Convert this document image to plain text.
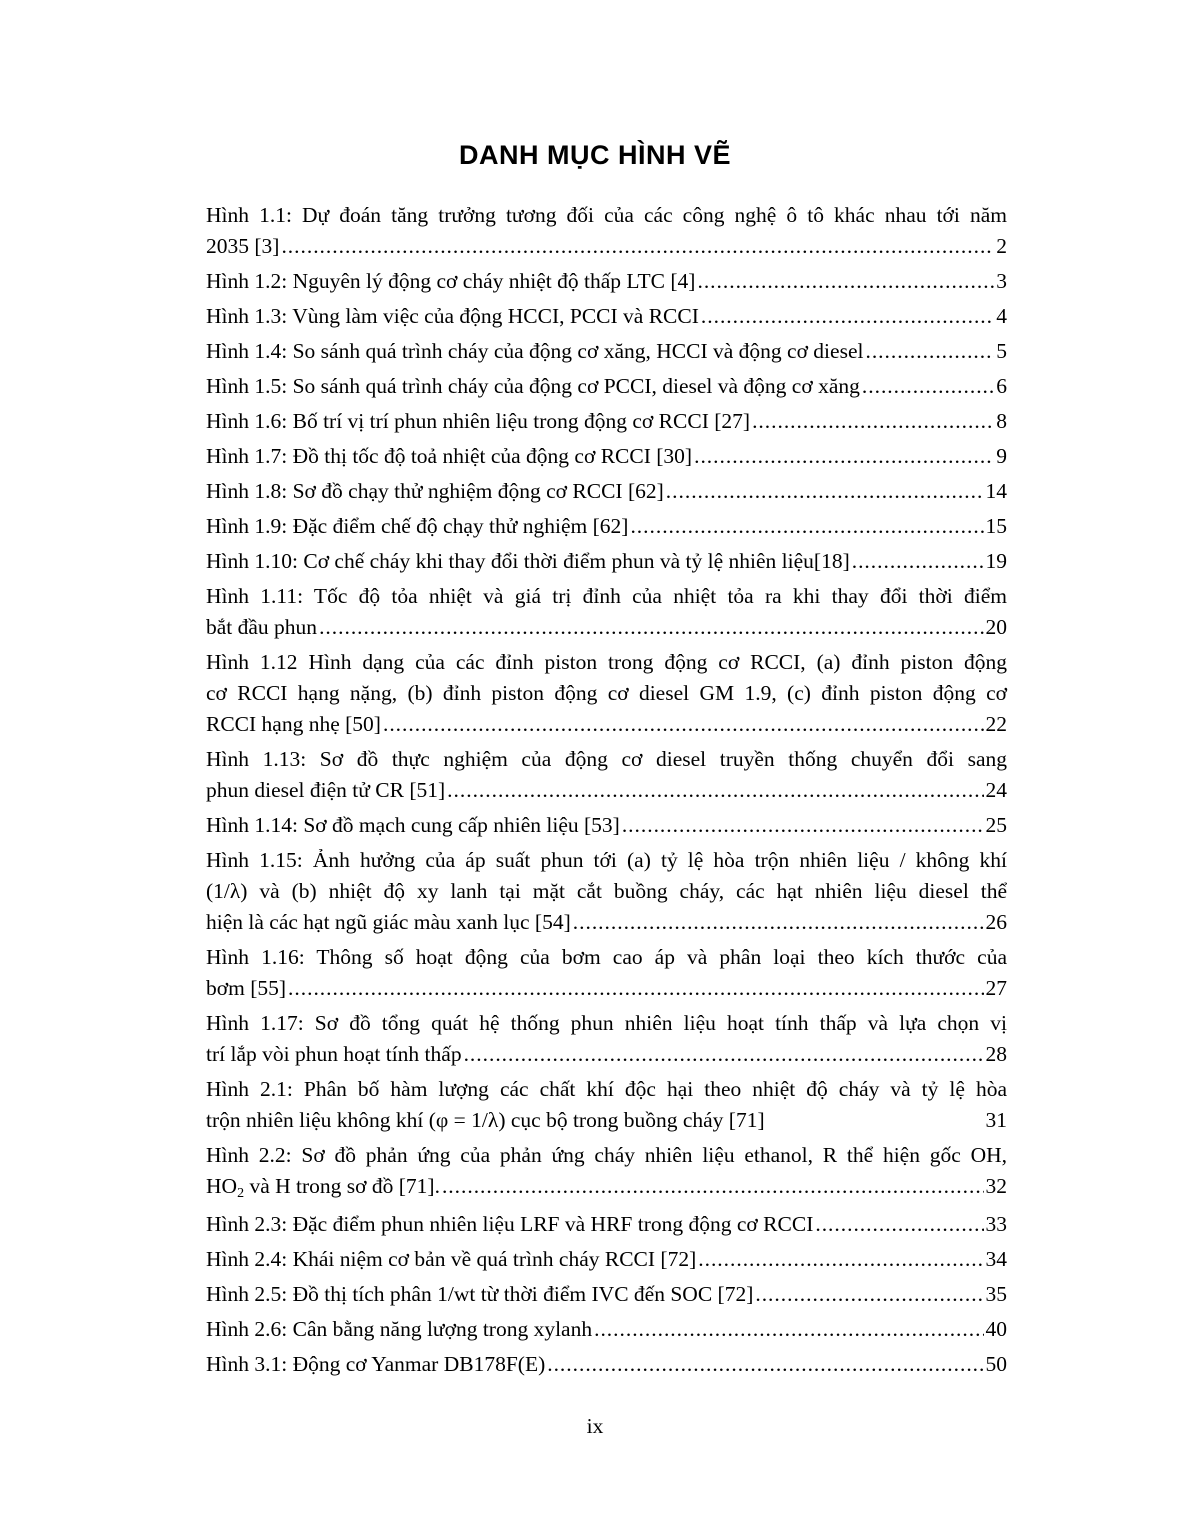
DANH MỤC HÌNH VẼ
Hình 1.1: Dự đoán tăng trưởng tương đối của các công nghệ ô tô khác nhau tới năm
2035 [3] . . .	2
Hình 1.2: Nguyên lý động cơ cháy nhiệt độ thấp LTC [4] . . .	3
Hình 1.3: Vùng làm việc của động HCCI, PCCI và RCCI . . .	4
Hình 1.4: So sánh quá trình cháy của động cơ xăng, HCCI và động cơ diesel . . .	5
Hình 1.5: So sánh quá trình cháy của động cơ PCCI, diesel và động cơ xăng . . .	6
Hình 1.6: Bố trí vị trí phun nhiên liệu trong động cơ RCCI [27] . . .	8
Hình 1.7: Đồ thị tốc độ toả nhiệt của động cơ RCCI [30] . . .	9
Hình 1.8: Sơ đồ chạy thử nghiệm động cơ RCCI [62] . . .	14
Hình 1.9: Đặc điểm chế độ chạy thử nghiệm [62] . . .	15
Hình 1.10: Cơ chế cháy khi thay đổi thời điểm phun và tỷ lệ nhiên liệu[18] . . .	19
Hình 1.11: Tốc độ tỏa nhiệt và giá trị đỉnh của nhiệt tỏa ra khi thay đổi thời điểm
bắt đầu phun . . .	20
Hình 1.12 Hình dạng của các đỉnh piston trong động cơ RCCI, (a) đỉnh piston động
cơ RCCI hạng nặng, (b) đỉnh piston động cơ diesel GM 1.9, (c) đỉnh piston động cơ
RCCI hạng nhẹ [50] . . .	22
Hình 1.13: Sơ đồ thực nghiệm của động cơ diesel truyền thống chuyển đổi sang
phun diesel điện tử CR [51] . . .	24
Hình 1.14: Sơ đồ mạch cung cấp nhiên liệu [53] . . .	25
Hình 1.15: Ảnh hưởng của áp suất phun tới (a) tỷ lệ hòa trộn nhiên liệu / không khí
(1/λ) và (b) nhiệt độ xy lanh tại mặt cắt buồng cháy, các hạt nhiên liệu diesel thể
hiện là các hạt ngũ giác màu xanh lục [54] . . .	26
Hình 1.16: Thông số hoạt động của bơm cao áp và phân loại theo kích thước của
bơm [55] . . .	27
Hình 1.17: Sơ đồ tổng quát hệ thống phun nhiên liệu hoạt tính thấp và lựa chọn vị
trí lắp vòi phun hoạt tính thấp . . .	28
Hình 2.1: Phân bố hàm lượng các chất khí độc hại theo nhiệt độ cháy và tỷ lệ hòa
trộn nhiên liệu không khí (φ = 1/λ) cục bộ trong buồng cháy [71]	31
Hình 2.2: Sơ đồ phản ứng của phản ứng cháy nhiên liệu ethanol, R thể hiện gốc OH,
$HO_2$ và H trong sơ đồ [71]. . . .	32
Hình 2.3: Đặc điểm phun nhiên liệu LRF và HRF trong động cơ RCCI . . .	33
Hình 2.4: Khái niệm cơ bản về quá trình cháy RCCI [72] . . .	34
Hình 2.5: Đồ thị tích phân 1/wt từ thời điểm IVC đến SOC [72] . . .	35
Hình 2.6: Cân bằng năng lượng trong xylanh . . .	40
Hình 3.1: Động cơ Yanmar DB178F(E) . . .	50
ix
